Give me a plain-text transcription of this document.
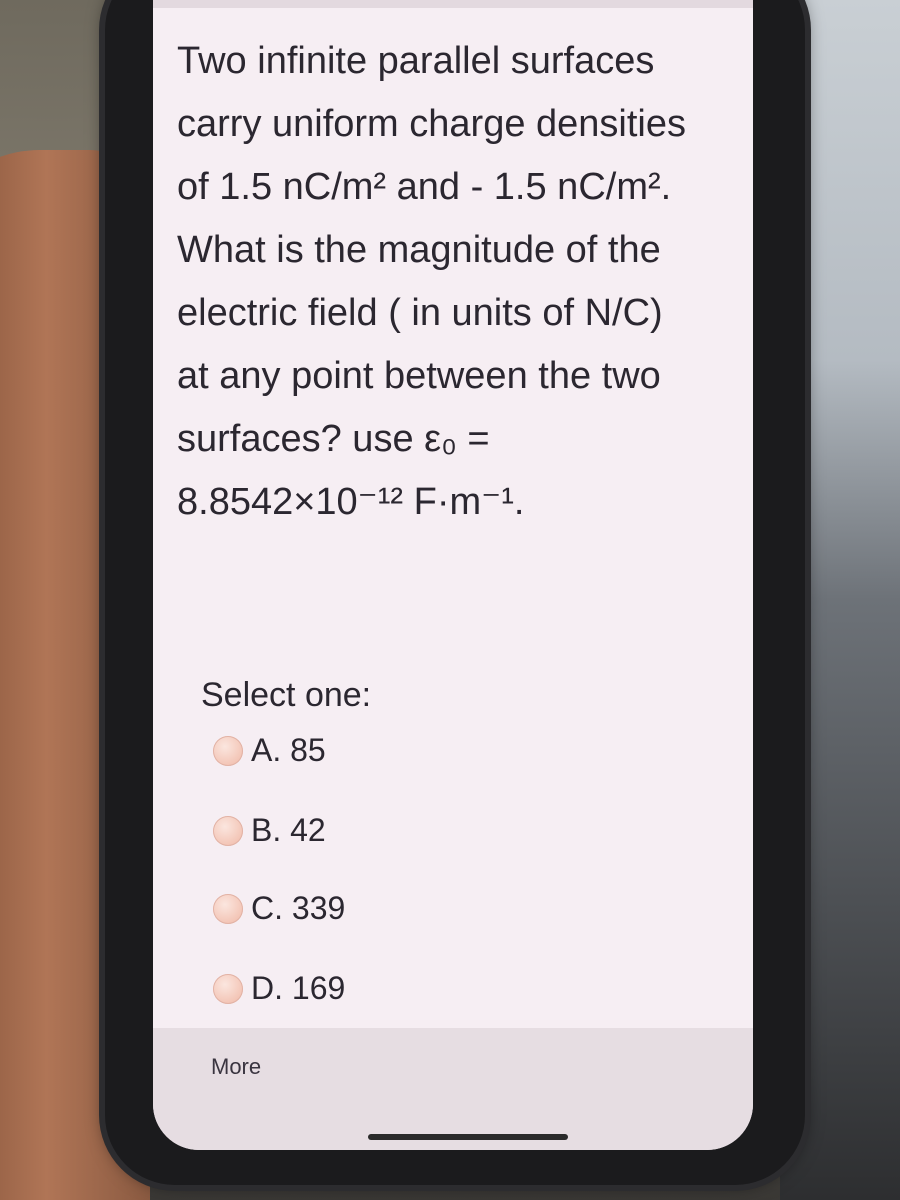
Two infinite parallel surfaces

carry uniform charge densities

of 1.5 nC/m² and - 1.5 nC/m².

What is the magnitude of the

electric field ( in units of N/C)

at any point between the two

surfaces? use ε₀ =

8.8542×10⁻¹² F·m⁻¹.

Select one:
A. 85
B. 42
C. 339
D. 169
More
